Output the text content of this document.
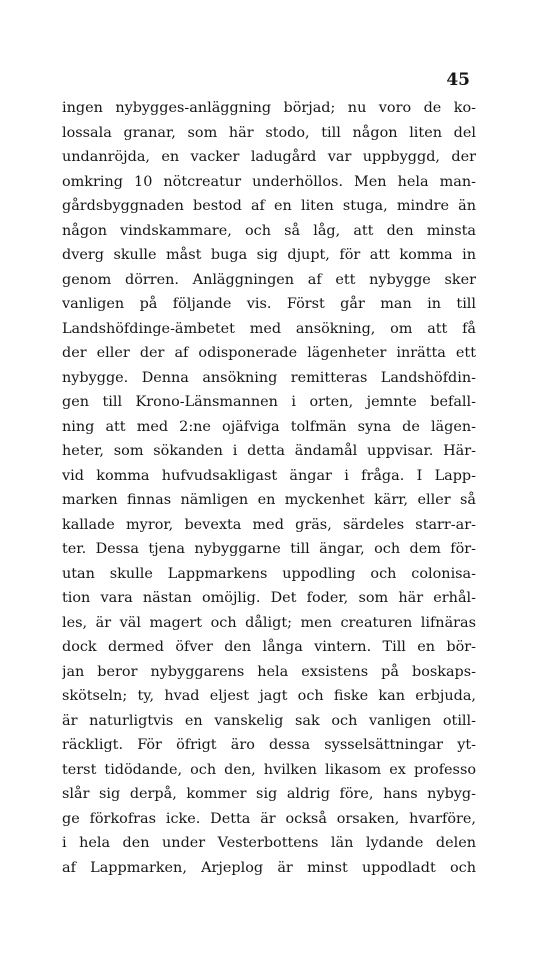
45
ingen nybygges-anläggning börjad; nu voro de ko-
lossala granar, som här stodo, till någon liten del
undanröjda, en vacker ladugård var uppbyggd, der
omkring 10 nötcreatur underhöllos. Men hela man-
gårdsbyggnaden bestod af en liten stuga, mindre än
någon vindskammare, och så låg, att den minsta
dverg skulle måst buga sig djupt, för att komma in
genom dörren. Anläggningen af ett nybygge sker
vanligen på följande vis. Först går man in till
Landshöfdinge-ämbetet med ansökning, om att få
der eller der af odisponerade lägenheter inrätta ett
nybygge. Denna ansökning remitteras Landshöfdin-
gen till Krono-Länsmannen i orten, jemnte befall-
ning att med 2:ne ojäfviga tolfmän syna de lägen-
heter, som sökanden i detta ändamål uppvisar. Här-
vid komma hufvudsakligast ängar i fråga. I Lapp-
marken finnas nämligen en myckenhet kärr, eller så
kallade myror, bevexta med gräs, särdeles starr-ar-
ter. Dessa tjena nybyggarne till ängar, och dem för-
utan skulle Lappmarkens uppodling och colonisa-
tion vara nästan omöjlig. Det foder, som här erhål-
les, är väl magert och dåligt; men creaturen lifnäras
dock dermed öfver den långa vintern. Till en bör-
jan beror nybyggarens hela exsistens på boskaps-
skötseln; ty, hvad eljest jagt och fiske kan erbjuda,
är naturligtvis en vanskelig sak och vanligen otill-
räckligt. För öfrigt äro dessa sysselsättningar yt-
terst tidödande, och den, hvilken likasom ex professo
slår sig derpå, kommer sig aldrig före, hans nybyg-
ge förkofras icke. Detta är också orsaken, hvarföre,
i hela den under Vesterbottens län lydande delen
af Lappmarken, Arjeplog är minst uppodladt och
